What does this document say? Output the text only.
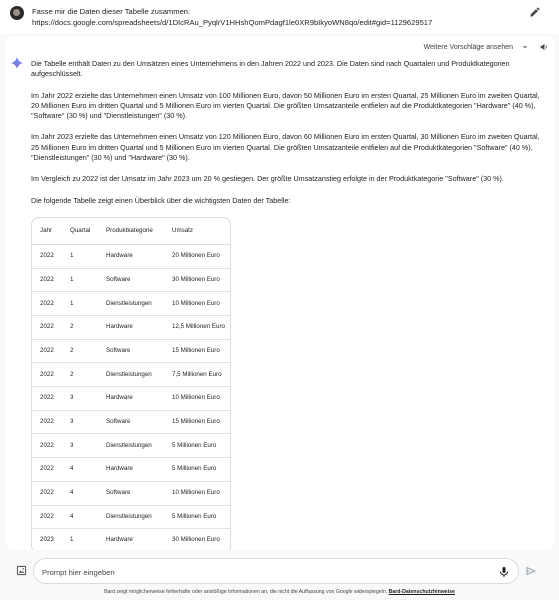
Fasse mir die Daten dieser Tabelle zusammen:
https://docs.google.com/spreadsheets/d/1DIcRAu_PyqlrV1HHshQomPdagf1le0XR9bIkyoWN8qo/edit#gid=1129629517
Weitere Vorschläge ansehen

Die Tabelle enthält Daten zu den Umsätzen eines Unternehmens in den Jahren 2022 und 2023. Die Daten sind nach Quartalen und Produktkategorien aufgeschlüsselt.

Im Jahr 2022 erzielte das Unternehmen einen Umsatz von 100 Millionen Euro, davon 50 Millionen Euro im ersten Quartal, 25 Millionen Euro im zweiten Quartal, 20 Millionen Euro im dritten Quartal und 5 Millionen Euro im vierten Quartal. Die größten Umsatzanteile entfielen auf die Produktkategorien "Hardware" (40 %), "Software" (30 %) und "Dienstleistungen" (30 %).

Im Jahr 2023 erzielte das Unternehmen einen Umsatz von 120 Millionen Euro, davon 60 Millionen Euro im ersten Quartal, 30 Millionen Euro im zweiten Quartal, 25 Millionen Euro im dritten Quartal und 5 Millionen Euro im vierten Quartal. Die größten Umsatzanteile entfielen auf die Produktkategorien "Software" (40 %), "Dienstleistungen" (30 %) und "Hardware" (30 %).

Im Vergleich zu 2022 ist der Umsatz im Jahr 2023 um 20 % gestiegen. Der größte Umsatzanstieg erfolgte in der Produktkategorie "Software" (30 %).

Die folgende Tabelle zeigt einen Überblick über die wichtigsten Daten der Tabelle:

Jahr	Quartal	Produktkategorie	Umsatz
2022	1	Hardware	20 Millionen Euro
2022	1	Software	30 Millionen Euro
2022	1	Dienstleistungen	10 Millionen Euro
2022	2	Hardware	12,5 Millionen Euro
2022	2	Software	15 Millionen Euro
2022	2	Dienstleistungen	7,5 Millionen Euro
2022	3	Hardware	10 Millionen Euro
2022	3	Software	15 Millionen Euro
2022	3	Dienstleistungen	5 Millionen Euro
2022	4	Hardware	5 Millionen Euro
2022	4	Software	10 Millionen Euro
2022	4	Dienstleistungen	5 Millionen Euro
2023	1	Hardware	30 Millionen Euro
Prompt hier eingeben
Bard zeigt möglicherweise fehlerhafte oder anstößige Informationen an, die nicht die Auffassung von Google widerspiegeln. Bard-Datenschutzhinweise
